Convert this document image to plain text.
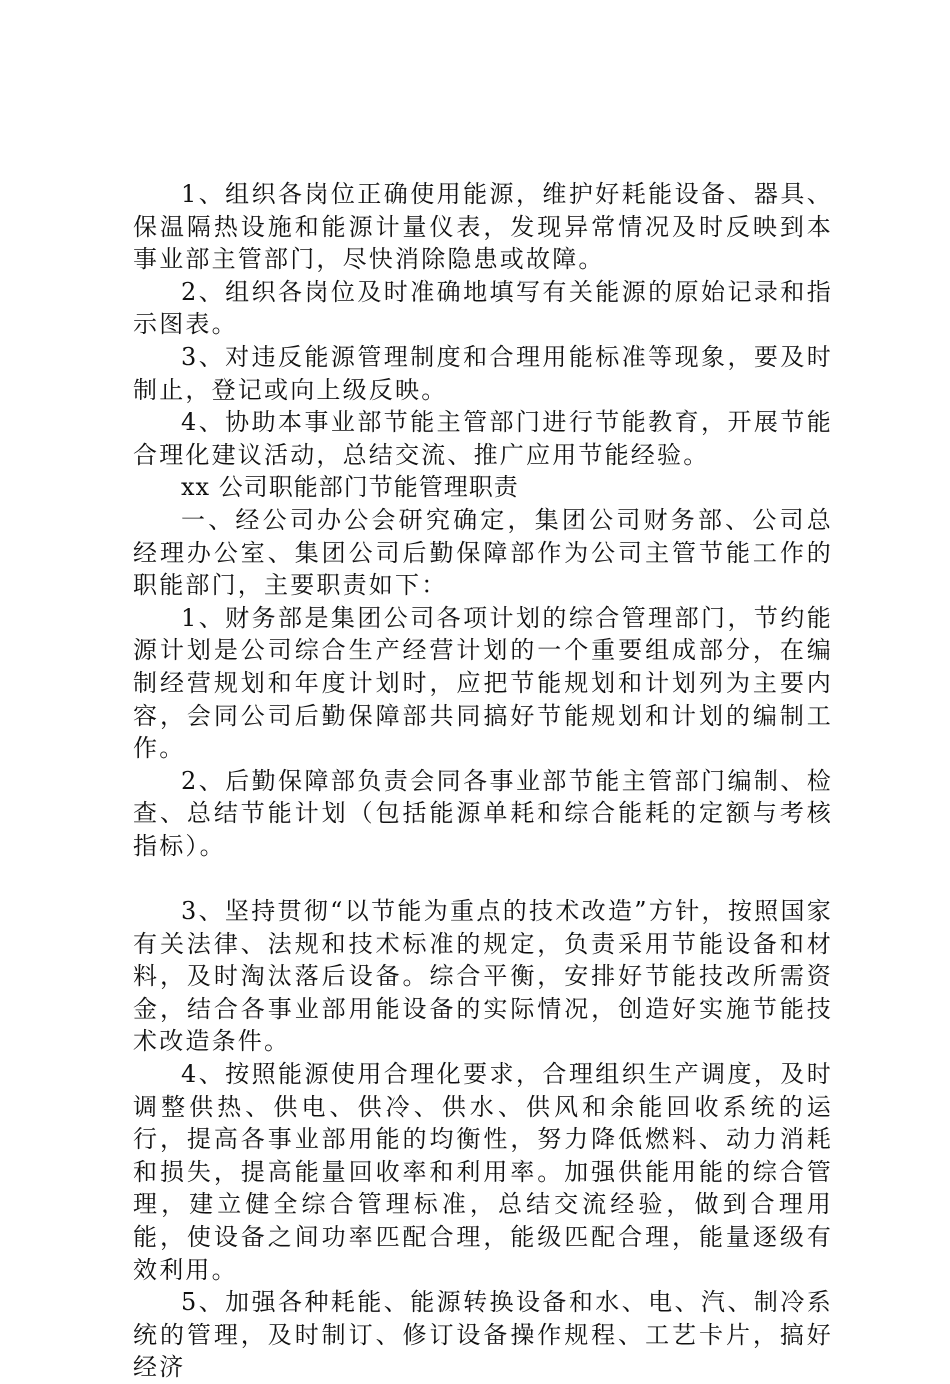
1、组织各岗位正确使用能源，维护好耗能设备、器具、保温隔热设施和能源计量仪表，发现异常情况及时反映到本事业部主管部门，尽快消除隐患或故障。

2、组织各岗位及时准确地填写有关能源的原始记录和指示图表。

3、对违反能源管理制度和合理用能标准等现象，要及时制止，登记或向上级反映。

4、协助本事业部节能主管部门进行节能教育，开展节能合理化建议活动，总结交流、推广应用节能经验。

xx 公司职能部门节能管理职责

一、经公司办公会研究确定，集团公司财务部、公司总经理办公室、集团公司后勤保障部作为公司主管节能工作的职能部门，主要职责如下：

1、财务部是集团公司各项计划的综合管理部门，节约能源计划是公司综合生产经营计划的一个重要组成部分，在编制经营规划和年度计划时，应把节能规划和计划列为主要内容，会同公司后勤保障部共同搞好节能规划和计划的编制工作。

2、后勤保障部负责会同各事业部节能主管部门编制、检查、总结节能计划（包括能源单耗和综合能耗的定额与考核指标）。

3、坚持贯彻“以节能为重点的技术改造”方针，按照国家有关法律、法规和技术标准的规定，负责采用节能设备和材料，及时淘汰落后设备。综合平衡，安排好节能技改所需资金，结合各事业部用能设备的实际情况，创造好实施节能技术改造条件。

4、按照能源使用合理化要求，合理组织生产调度，及时调整供热、供电、供冷、供水、供风和余能回收系统的运行，提高各事业部用能的均衡性，努力降低燃料、动力消耗和损失，提高能量回收率和利用率。加强供能用能的综合管理，建立健全综合管理标准，总结交流经验，做到合理用能，使设备之间功率匹配合理，能级匹配合理，能量逐级有效利用。

5、加强各种耗能、能源转换设备和水、电、汽、制冷系统的管理，及时制订、修订设备操作规程、工艺卡片，搞好经济
